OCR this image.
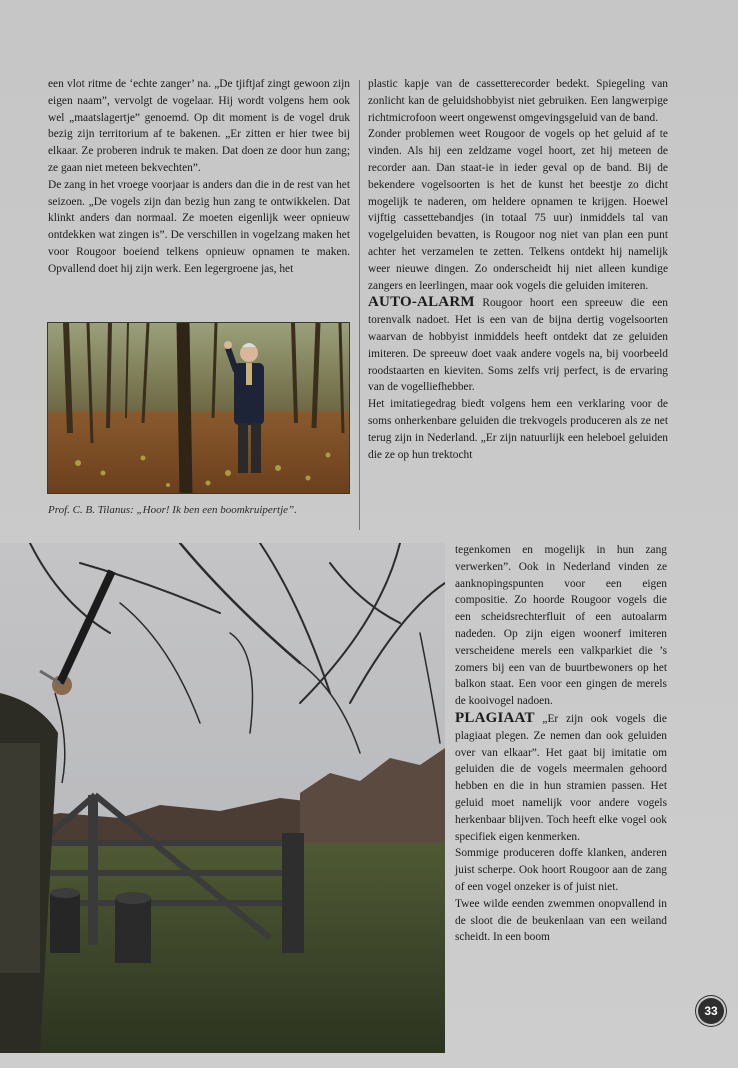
een vlot ritme de ‘echte zanger’ na. „De tjiftjaf zingt gewoon zijn eigen naam”, vervolgt de vogelaar. Hij wordt volgens hem ook wel „maatslagertje” genoemd. Op dit moment is de vogel druk bezig zijn territorium af te bakenen. „Er zitten er hier twee bij elkaar. Ze proberen indruk te maken. Dat doen ze door hun zang; ze gaan niet meteen bekvechten”.

De zang in het vroege voorjaar is anders dan die in de rest van het seizoen. „De vogels zijn dan bezig hun zang te ontwikkelen. Dat klinkt anders dan normaal. Ze moeten eigenlijk weer opnieuw ontdekken wat zingen is”. De verschillen in vogelzang maken het voor Rougoor boeiend telkens opnieuw opnamen te maken. Opvallend doet hij zijn werk. Een legergroene jas, het

Prof. C. B. Tilanus: „Hoor! Ik ben een boomkruipertje”.

plastic kapje van de cassetterecorder bedekt. Spiegeling van zonlicht kan de geluidshobbyist niet gebruiken. Een langwerpige richtmicrofoon weert ongewenst omgevingsgeluid van de band.

Zonder problemen weet Rougoor de vogels op het geluid af te vinden. Als hij een zeldzame vogel hoort, zet hij meteen de recorder aan. Dan staat-ie in ieder geval op de band. Bij de bekendere vogelsoorten is het de kunst het beestje zo dicht mogelijk te naderen, om heldere opnamen te krijgen. Hoewel vijftig cassettebandjes (in totaal 75 uur) inmiddels tal van vogelgeluiden bevatten, is Rougoor nog niet van plan een punt achter het verzamelen te zetten. Telkens ontdekt hij namelijk weer nieuwe dingen. Zo onderscheidt hij niet alleen kundige zangers en leerlingen, maar ook vogels die geluiden imiteren.

AUTO-ALARM Rougoor hoort een spreeuw die een torenvalk nadoet. Het is een van de bijna dertig vogelsoorten waarvan de hobbyist inmiddels heeft ontdekt dat ze geluiden imiteren. De spreeuw doet vaak andere vogels na, bij voorbeeld roodstaarten en kieviten. Soms zelfs vrij perfect, is de ervaring van de vogelliefhebber.

Het imitatiegedrag biedt volgens hem een verklaring voor de soms onherkenbare geluiden die trekvogels produceren als ze net terug zijn in Nederland. „Er zijn natuurlijk een heleboel geluiden die ze op hun trektocht

tegenkomen en mogelijk in hun zang verwerken”. Ook in Nederland vinden ze aanknopingspunten voor een eigen compositie. Zo hoorde Rougoor vogels die een scheidsrechterfluit of een autoalarm nadeden. Op zijn eigen woonerf imiteren verscheidene merels een valkparkiet die ’s zomers bij een van de buurtbewoners op het balkon staat. Een voor een gingen de merels de kooivogel nadoen.

PLAGIAAT „Er zijn ook vogels die plagiaat plegen. Ze nemen dan ook geluiden over van elkaar”. Het gaat bij imitatie om geluiden die de vogels meermalen gehoord hebben en die in hun stramien passen. Het geluid moet namelijk voor andere vogels herkenbaar blijven. Toch heeft elke vogel ook specifiek eigen kenmerken.

Sommige produceren doffe klanken, anderen juist scherpe. Ook hoort Rougoor aan de zang of een vogel onzeker is of juist niet.

Twee wilde eenden zwemmen onopvallend in de sloot die de beukenlaan van een weiland scheidt. In een boom

33
